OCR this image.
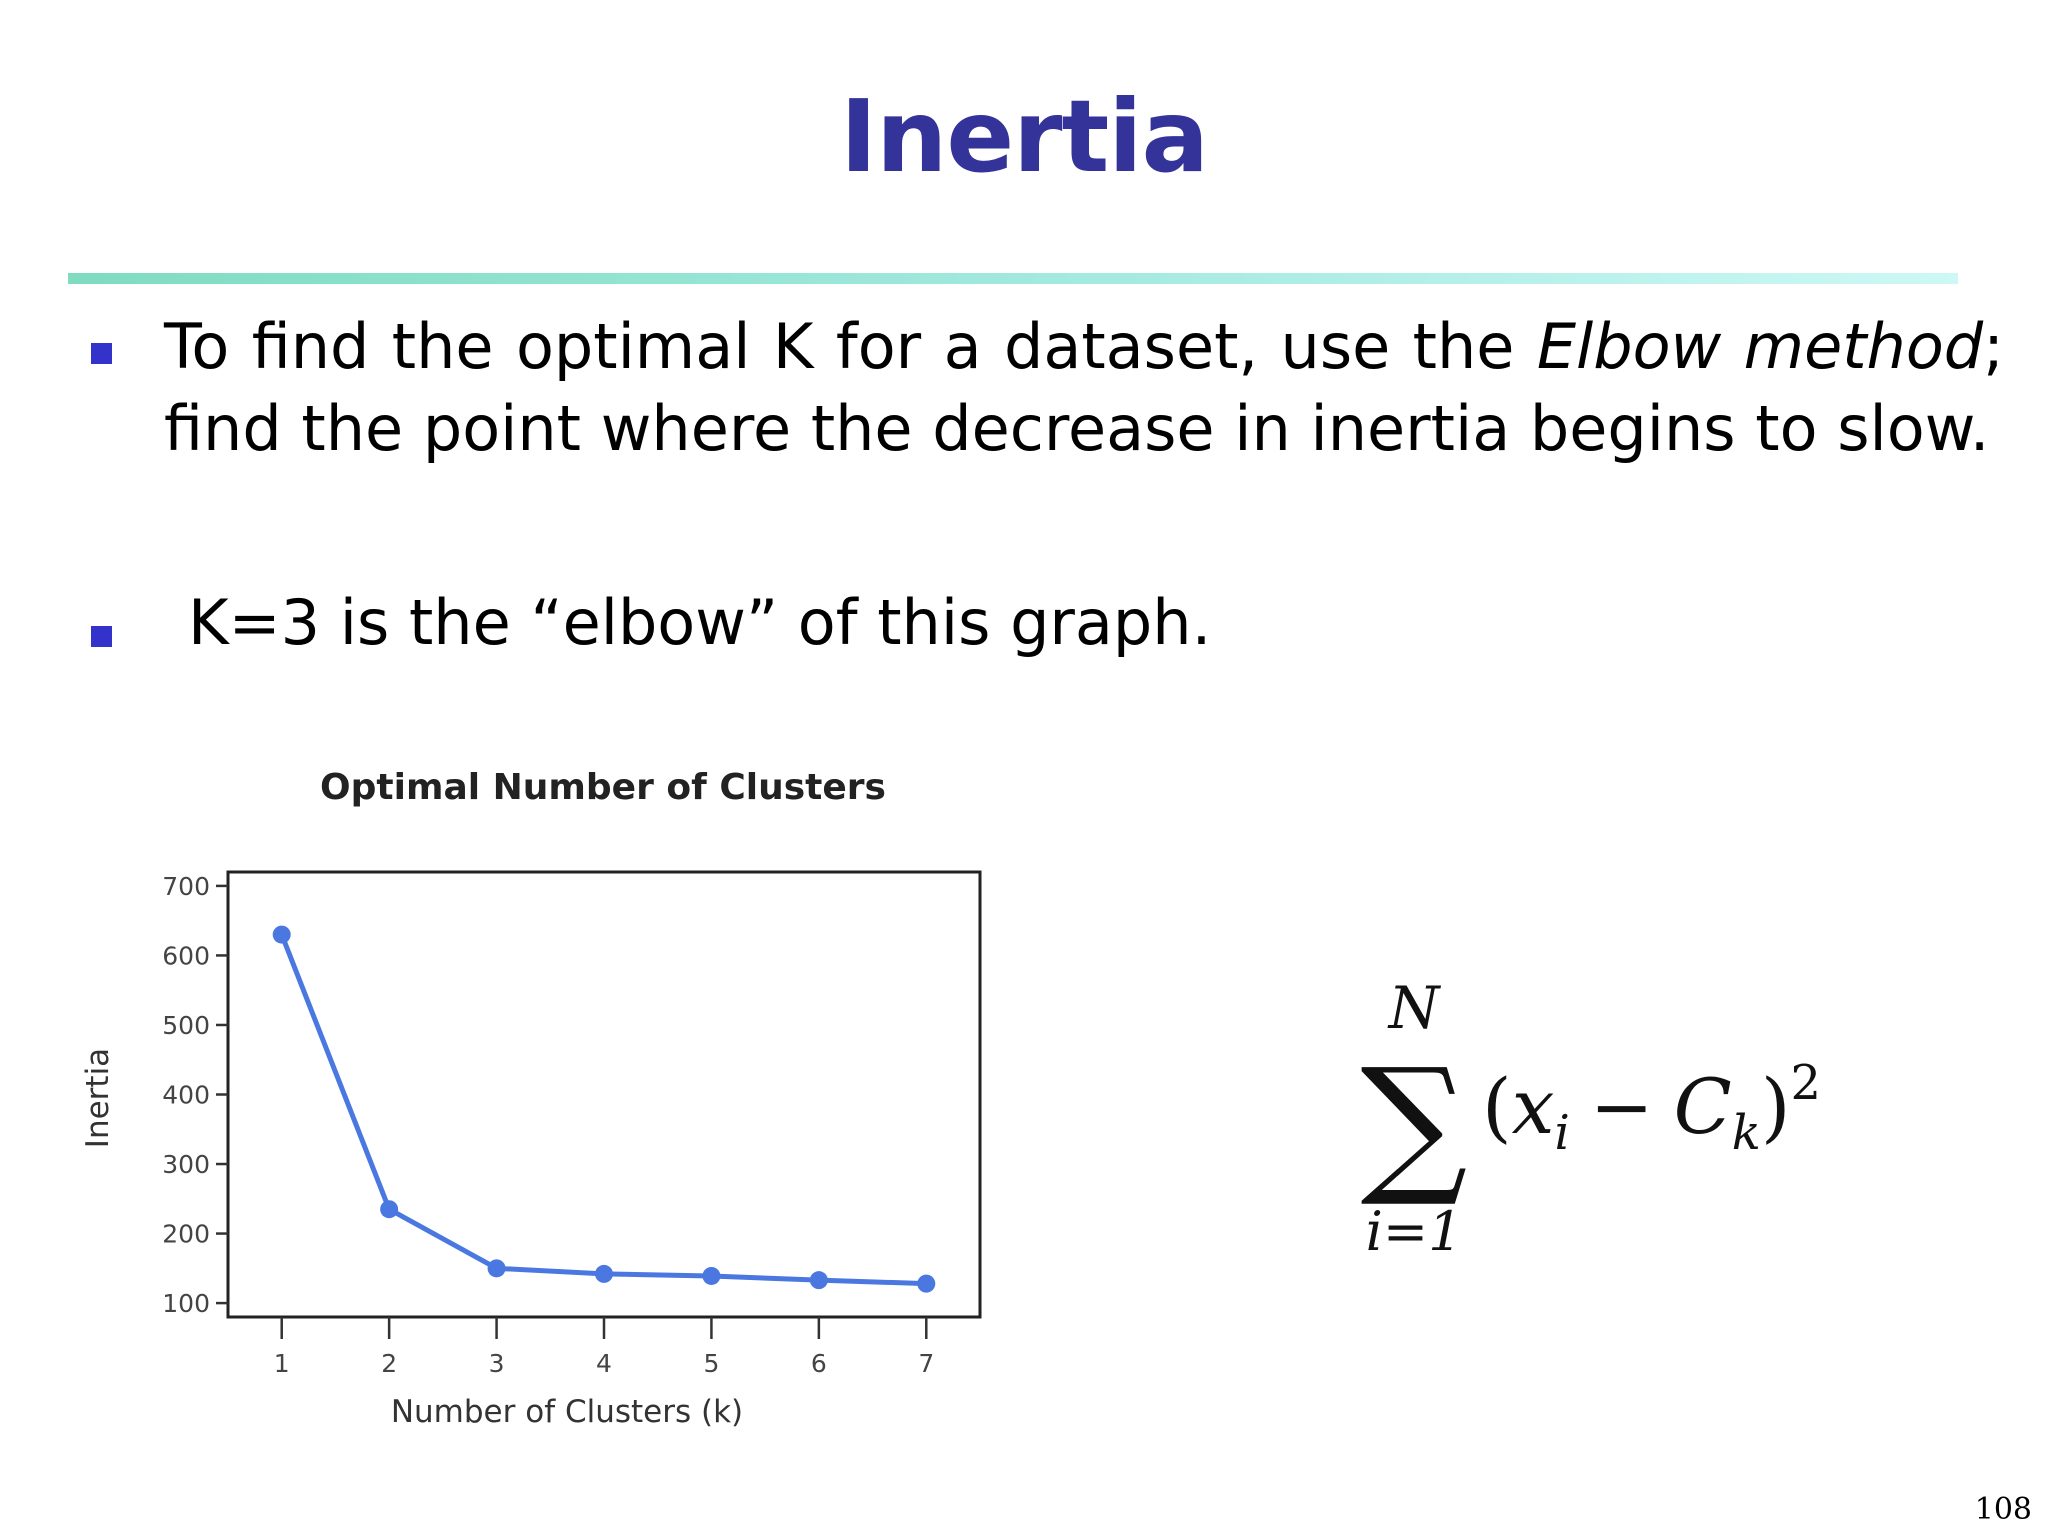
Inertia
To find the optimal K for a dataset, use the Elbow method;
find the point where the decrease in inertia begins to slow.
K=3 is the “elbow” of this graph.
Optimal Number of Clusters
100
200
300
400
500
600
700
1	2	3	4	5	6	7
Number of Clusters (k)
Inertia
N
∑
i=1
$(x_i - C_k)^2$
108
